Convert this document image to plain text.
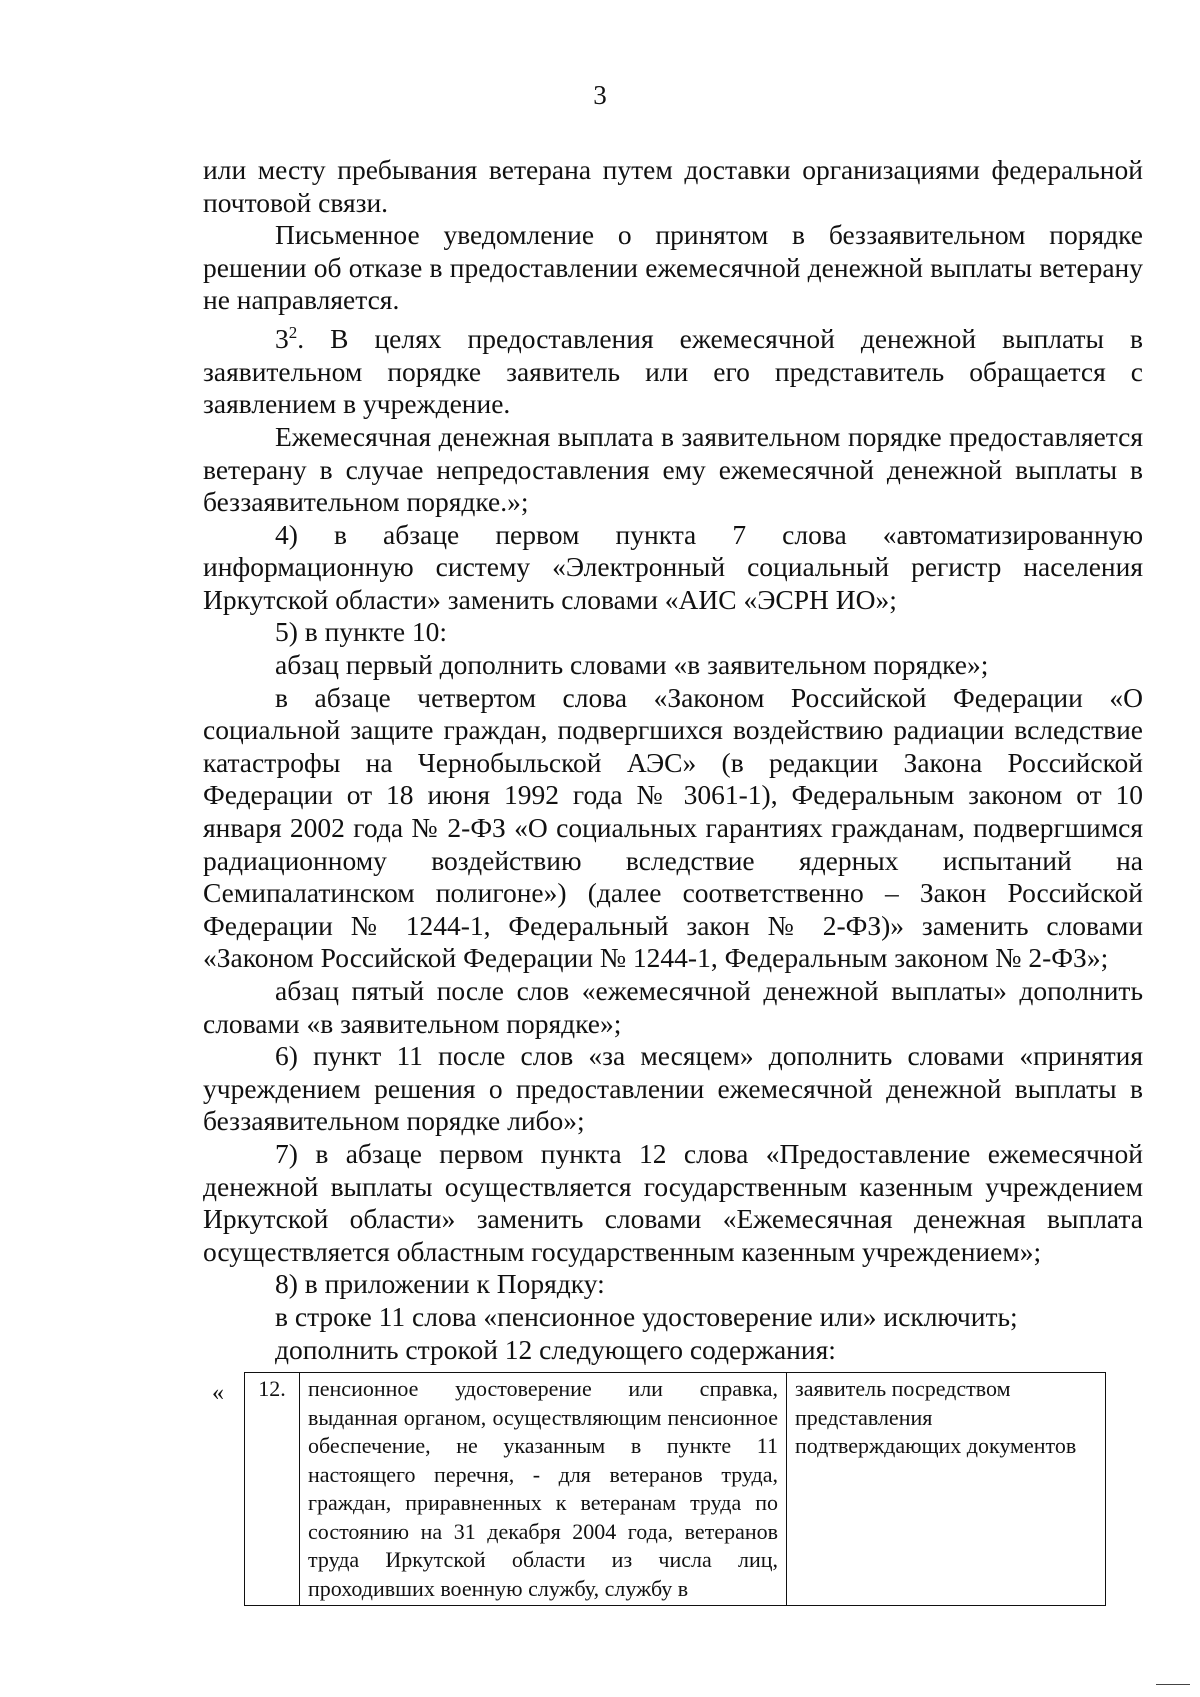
3

или месту пребывания ветерана путем доставки организациями федеральной почтовой связи.

Письменное уведомление о принятом в беззаявительном порядке решении об отказе в предоставлении ежемесячной денежной выплаты ветерану не направляется.

$3^2$. В целях предоставления ежемесячной денежной выплаты в заявительном порядке заявитель или его представитель обращается с заявлением в учреждение.

Ежемесячная денежная выплата в заявительном порядке предоставляется ветерану в случае непредоставления ему ежемесячной денежной выплаты в беззаявительном порядке.»;

4) в абзаце первом пункта 7 слова «автоматизированную информационную систему «Электронный социальный регистр населения Иркутской области» заменить словами «АИС «ЭСРН ИО»;

5) в пункте 10:

абзац первый дополнить словами «в заявительном порядке»;

в абзаце четвертом слова «Законом Российской Федерации «О социальной защите граждан, подвергшихся воздействию радиации вследствие катастрофы на Чернобыльской АЭС» (в редакции Закона Российской Федерации от 18 июня 1992 года № 3061-1), Федеральным законом от 10 января 2002 года № 2-ФЗ «О социальных гарантиях гражданам, подвергшимся радиационному воздействию вследствие ядерных испытаний на Семипалатинском полигоне») (далее соответственно – Закон Российской Федерации № 1244-1, Федеральный закон № 2-ФЗ)» заменить словами «Законом Российской Федерации № 1244-1, Федеральным законом № 2-ФЗ»;

абзац пятый после слов «ежемесячной денежной выплаты» дополнить словами «в заявительном порядке»;

6) пункт 11 после слов «за месяцем» дополнить словами «принятия учреждением решения о предоставлении ежемесячной денежной выплаты в беззаявительном порядке либо»;

7) в абзаце первом пункта 12 слова «Предоставление ежемесячной денежной выплаты осуществляется государственным казенным учреждением Иркутской области» заменить словами «Ежемесячная денежная выплата осуществляется областным государственным казенным учреждением»;

8) в приложении к Порядку:

в строке 11 слова «пенсионное удостоверение или» исключить;

дополнить строкой 12 следующего содержания:

« 12.	пенсионное удостоверение или справка, выданная органом, осуществляющим пенсионное обеспечение, не указанным в пункте 11 настоящего перечня, - для ветеранов труда, граждан, приравненных к ветеранам труда по состоянию на 31 декабря 2004 года, ветеранов труда Иркутской области из числа лиц, проходивших военную службу, службу в	заявитель посредством представления подтверждающих документов
